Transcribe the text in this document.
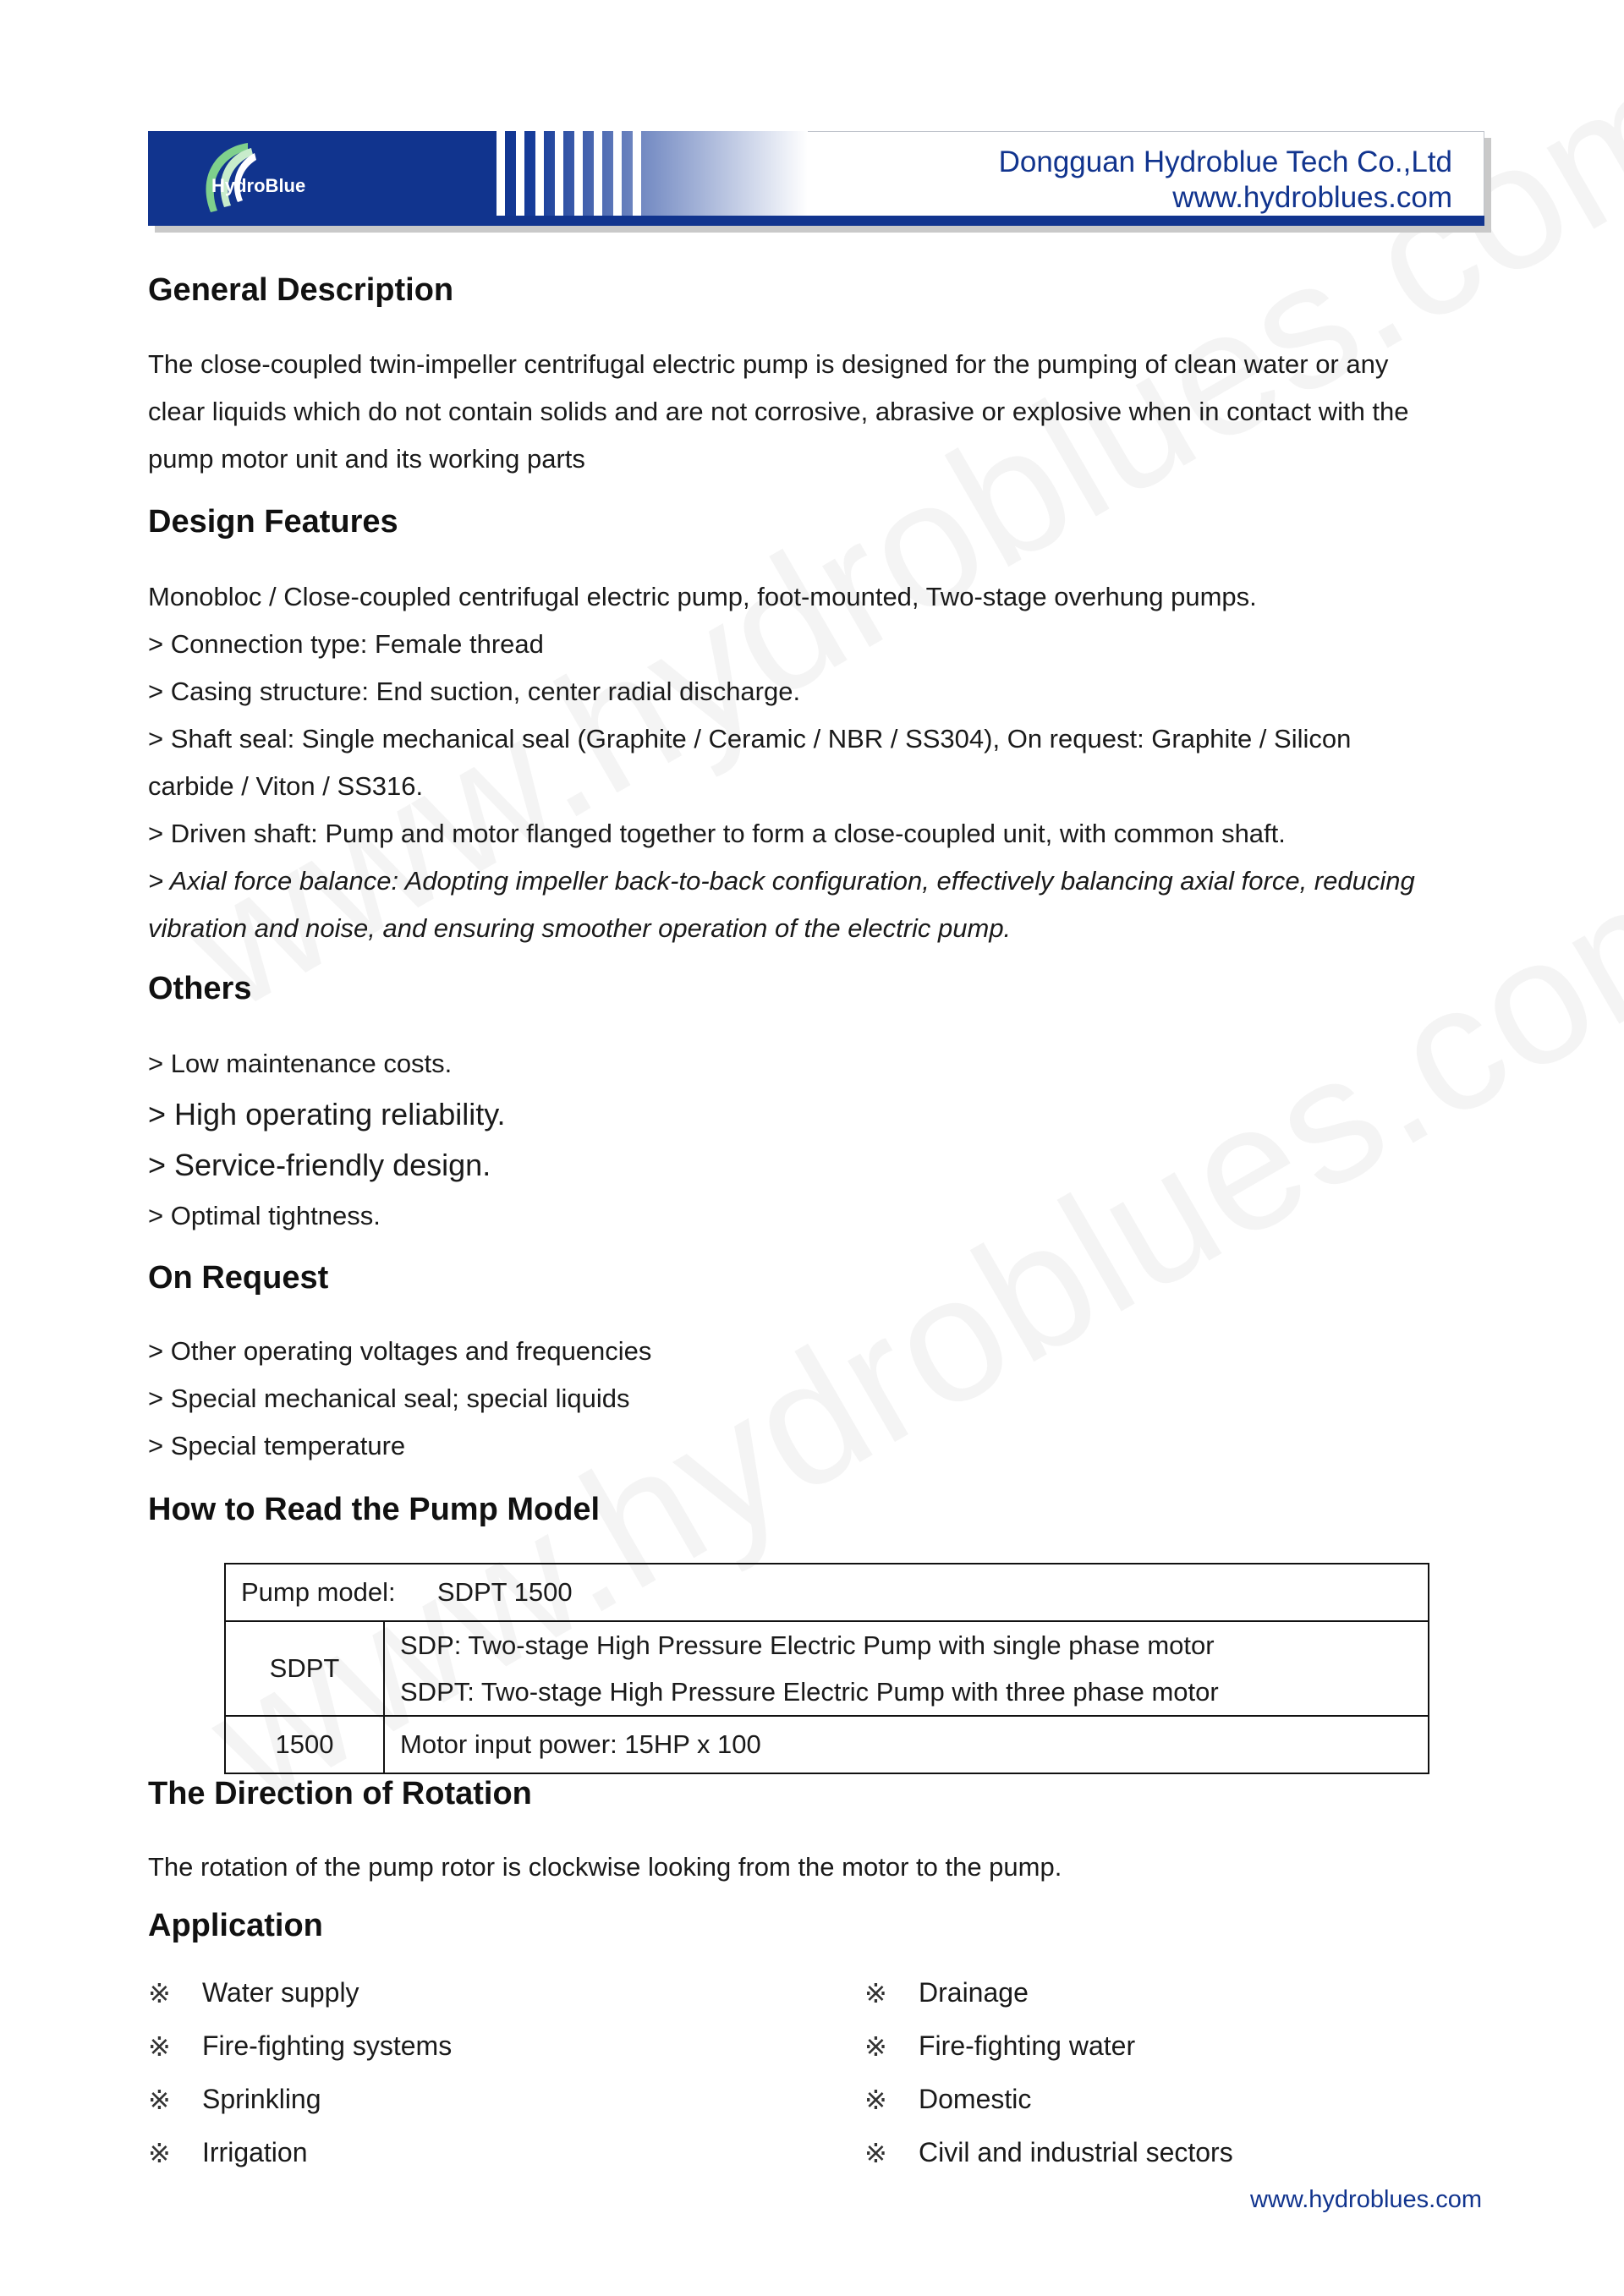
HydroBlue
Dongguan Hydroblue Tech Co.,Ltd
www.hydroblues.com
General Description
The close-coupled twin-impeller centrifugal electric pump is designed for the pumping of clean water or any
clear liquids which do not contain solids and are not corrosive, abrasive or explosive when in contact with the
pump motor unit and its working parts
Design Features
Monobloc / Close-coupled centrifugal electric pump, foot-mounted, Two-stage overhung pumps.
> Connection type: Female thread
> Casing structure: End suction, center radial discharge.
> Shaft seal: Single mechanical seal (Graphite / Ceramic / NBR / SS304), On request: Graphite / Silicon
carbide / Viton / SS316.
> Driven shaft: Pump and motor flanged together to form a close-coupled unit, with common shaft.
> Axial force balance: Adopting impeller back-to-back configuration, effectively balancing axial force, reducing
vibration and noise, and ensuring smoother operation of the electric pump.
Others
> Low maintenance costs.
> High operating reliability.
> Service-friendly design.
> Optimal tightness.
On Request
> Other operating voltages and frequencies
> Special mechanical seal; special liquids
> Special temperature
How to Read the Pump Model
Pump model: SDPT 1500	
SDPT	SDP: Two-stage High Pressure Electric Pump with single phase motor
SDPT: Two-stage High Pressure Electric Pump with three phase motor

1500	Motor input power: 15HP x 100
The Direction of Rotation
The rotation of the pump rotor is clockwise looking from the motor to the pump.
Application
※	Water supply
※	Fire-fighting systems
※	Sprinkling
※	Irrigation
※	Drainage
※	Fire-fighting water
※	Domestic
※	Civil and industrial sectors
www.hydroblues.com
